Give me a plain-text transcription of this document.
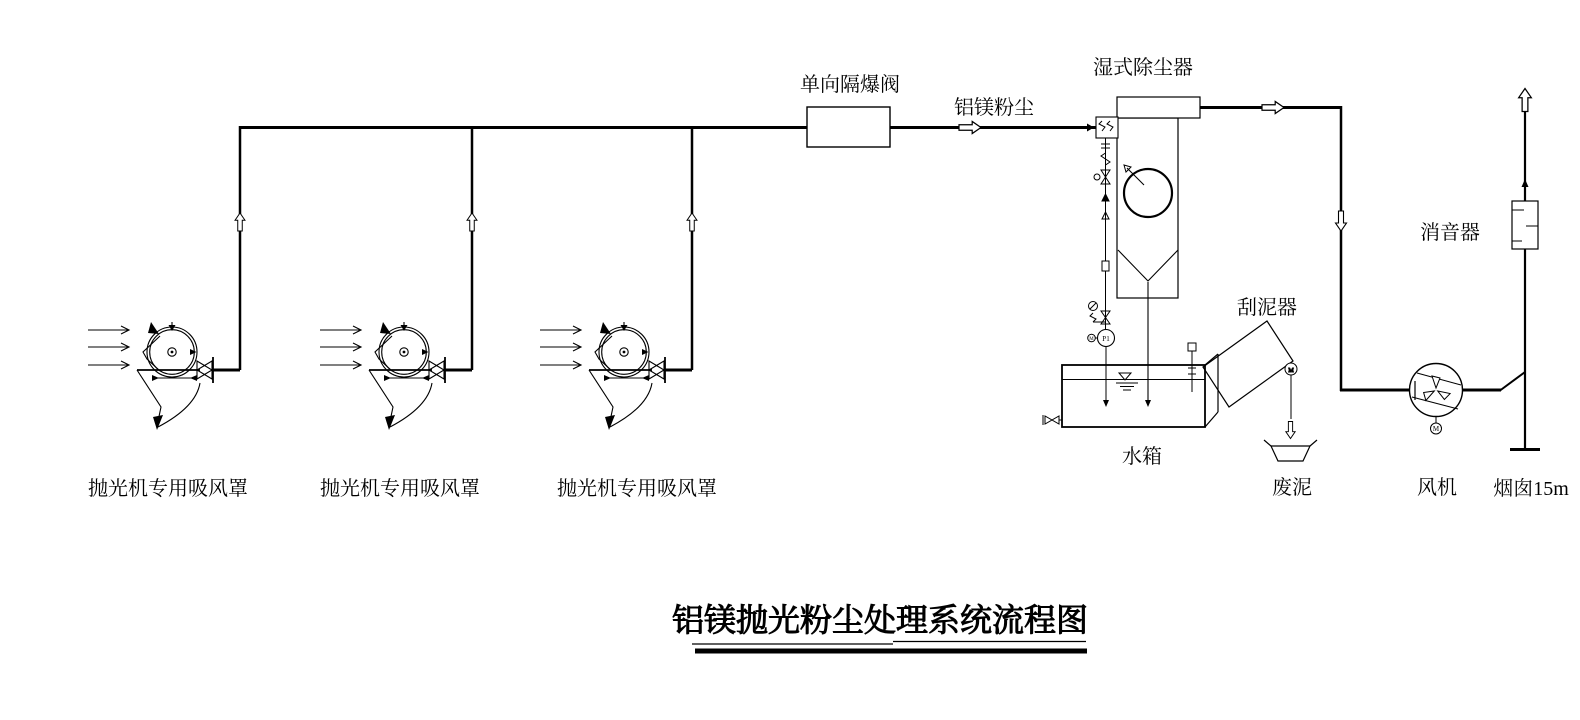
抛光机专用吸风罩	抛光机专用吸风罩	抛光机专用吸风罩
单向隔爆阀
铝镁粉尘
湿式除尘器
M P1
水箱
M
刮泥器
废泥
M
风机
消音器
烟囱15m
铝镁抛光粉尘处理系统流程图
